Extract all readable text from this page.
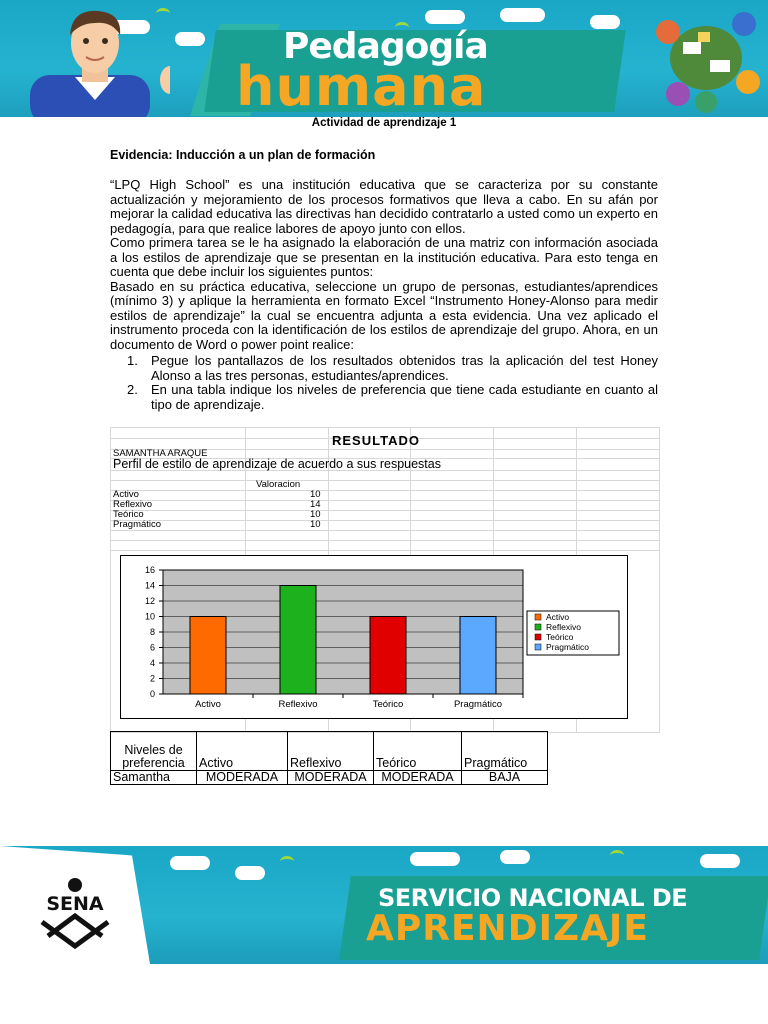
Pedagogía
humana
Actividad de aprendizaje 1
Evidencia: Inducción a un plan de formación

“LPQ High School” es una institución educativa que se caracteriza por su constante actualización y mejoramiento de los procesos formativos que lleva a cabo. En su afán por mejorar la calidad educativa las directivas han decidido contratarlo a usted como un experto en pedagogía, para que realice labores de apoyo junto con ellos.

Como primera tarea se le ha asignado la elaboración de una matriz con información asociada a los estilos de aprendizaje que se presentan en la institución educativa. Para esto tenga en cuenta que debe incluir los siguientes puntos:

Basado en su práctica educativa, seleccione un grupo de personas, estudiantes/aprendices (mínimo 3) y aplique la herramienta en formato Excel “Instrumento Honey-Alonso para medir estilos de aprendizaje” la cual se encuentra adjunta a esta evidencia. Una vez aplicado el instrumento proceda con la identificación de los estilos de aprendizaje del grupo. Ahora, en un documento de Word o power point realice:

1.	Pegue los pantallazos de los resultados obtenidos tras la aplicación del test Honey Alonso a las tres personas, estudiantes/aprendices.
2.	En una tabla indique los niveles de preferencia que tiene cada estudiante en cuanto al tipo de aprendizaje.
RESULTADO
SAMANTHA ARAQUE
Perfil de estilo de aprendizaje de acuerdo a sus respuestas
Valoracion
Activo	10
Reflexivo	14
Teórico	10
Pragmático	10
16
14
12
10
8
6
4
2
0
Activo	Reflexivo	Teórico	Pragmático
Activo
Reflexivo
Teórico
Pragmático
Niveles de preferencia	Activo	Reflexivo	Teórico	Pragmático
Samantha	MODERADA	MODERADA	MODERADA	BAJA
SENA	SERVICIO NACIONAL DE
APRENDIZAJE
